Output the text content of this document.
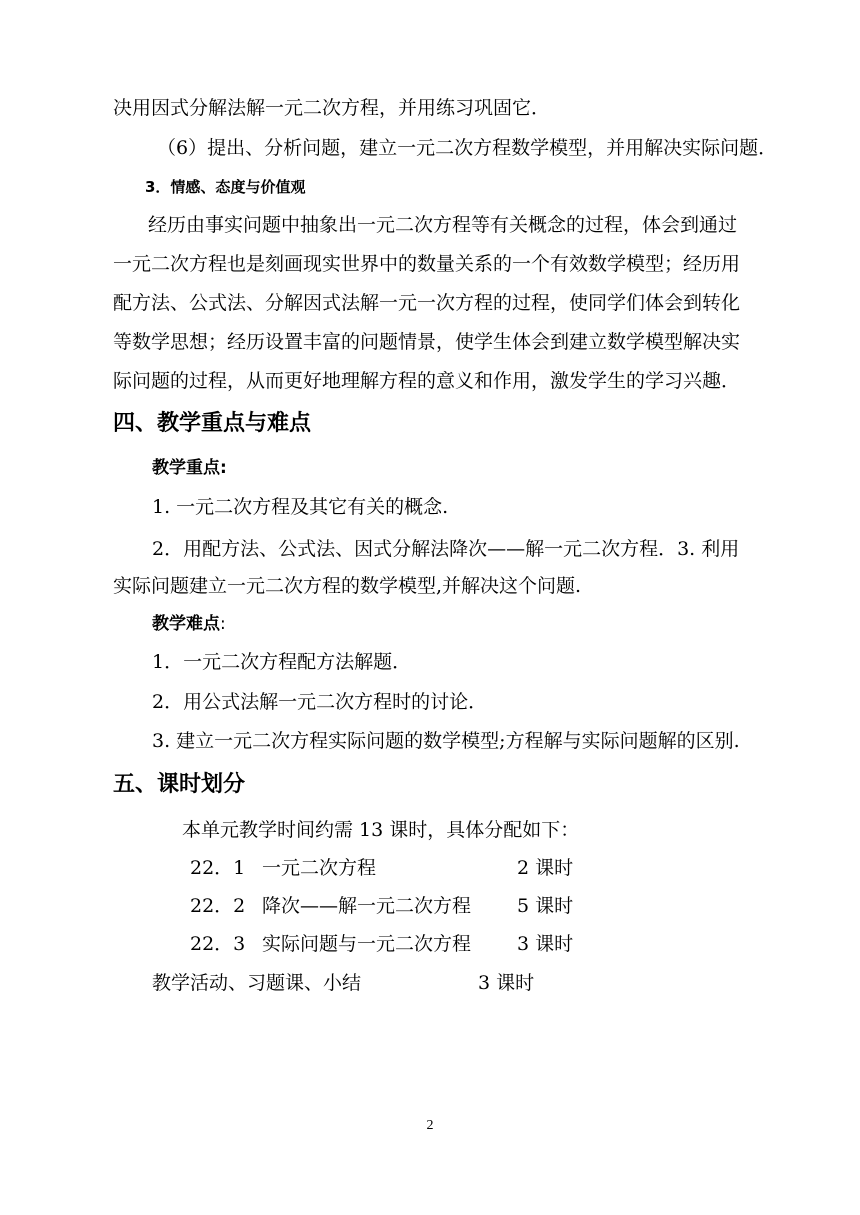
决用因式分解法解一元二次方程，并用练习巩固它．
（6）提出、分析问题，建立一元二次方程数学模型，并用解决实际问题．
3．情感、态度与价值观
经历由事实问题中抽象出一元二次方程等有关概念的过程，体会到通过
一元二次方程也是刻画现实世界中的数量关系的一个有效数学模型；经历用
配方法、公式法、分解因式法解一元一次方程的过程，使同学们体会到转化
等数学思想；经历设置丰富的问题情景，使学生体会到建立数学模型解决实
际问题的过程，从而更好地理解方程的意义和作用，激发学生的学习兴趣．
四、教学重点与难点
教学重点:
1. 一元二次方程及其它有关的概念.
2．用配方法、公式法、因式分解法降次——解一元二次方程．3. 利用
实际问题建立一元二次方程的数学模型,并解决这个问题.
教学难点:
1．一元二次方程配方法解题．
2．用公式法解一元二次方程时的讨论．
3. 建立一元二次方程实际问题的数学模型;方程解与实际问题解的区别.
五、课时划分
本单元教学时间约需 13 课时，具体分配如下：
22．1 一元二次方程	2 课时
22．2 降次——解一元二次方程 5 课时
22．3 实际问题与一元二次方程 3 课时
教学活动、习题课、小结	3 课时
2
